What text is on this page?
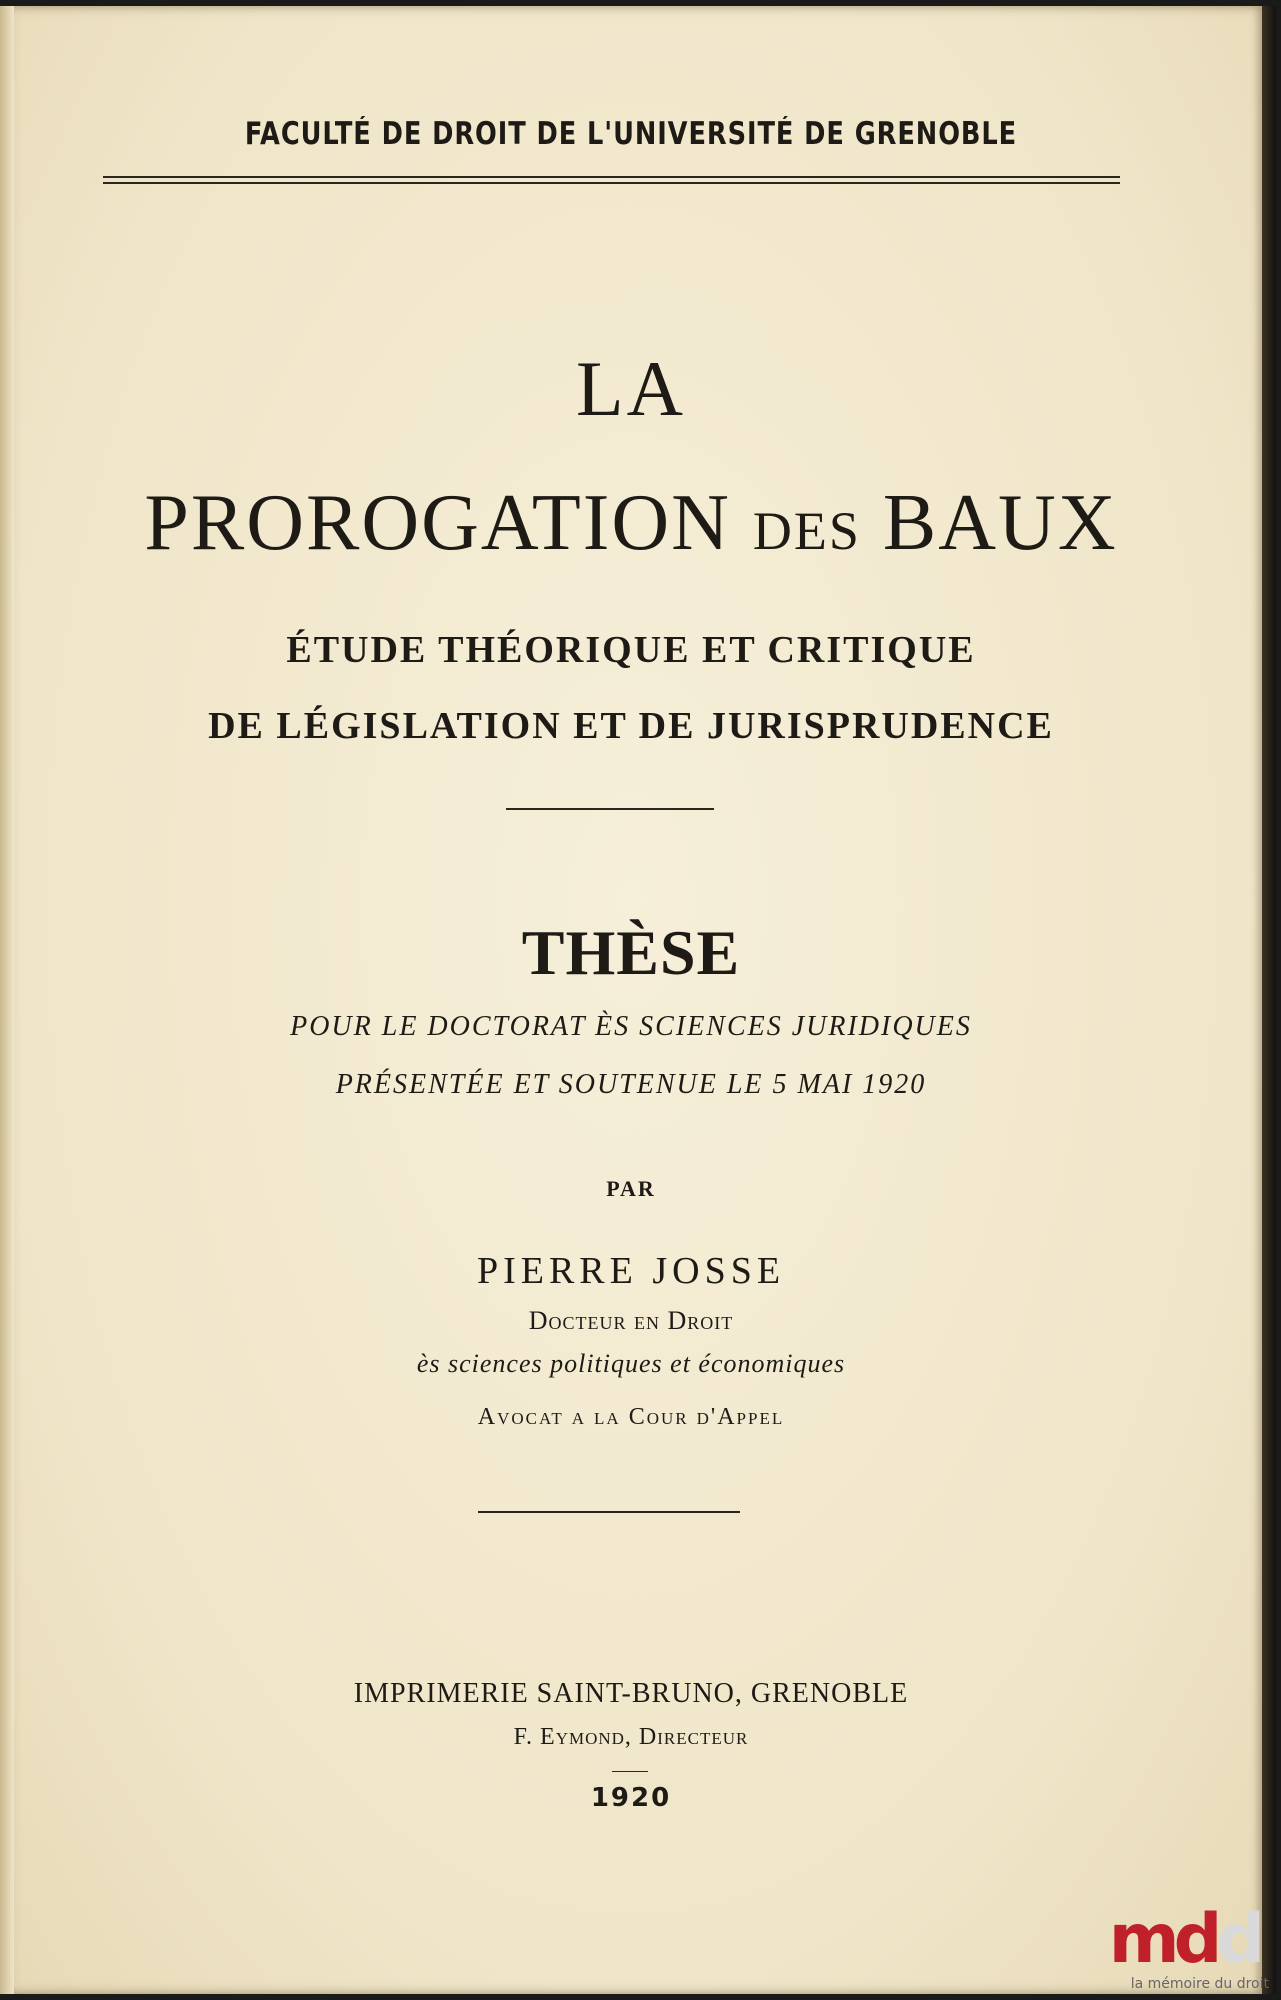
FACULTÉ DE DROIT DE L'UNIVERSITÉ DE GRENOBLE
LA
PROROGATION DES BAUX
ÉTUDE THÉORIQUE ET CRITIQUE
DE LÉGISLATION ET DE JURISPRUDENCE
THÈSE
POUR LE DOCTORAT ÈS SCIENCES JURIDIQUES
PRÉSENTÉE ET SOUTENUE LE 5 MAI 1920
PAR
PIERRE JOSSE
Docteur en Droit
ès sciences politiques et économiques
Avocat a la Cour d'Appel
IMPRIMERIE SAINT-BRUNO, GRENOBLE
F. Eymond, Directeur
1920
mdd
la mémoire du droit
